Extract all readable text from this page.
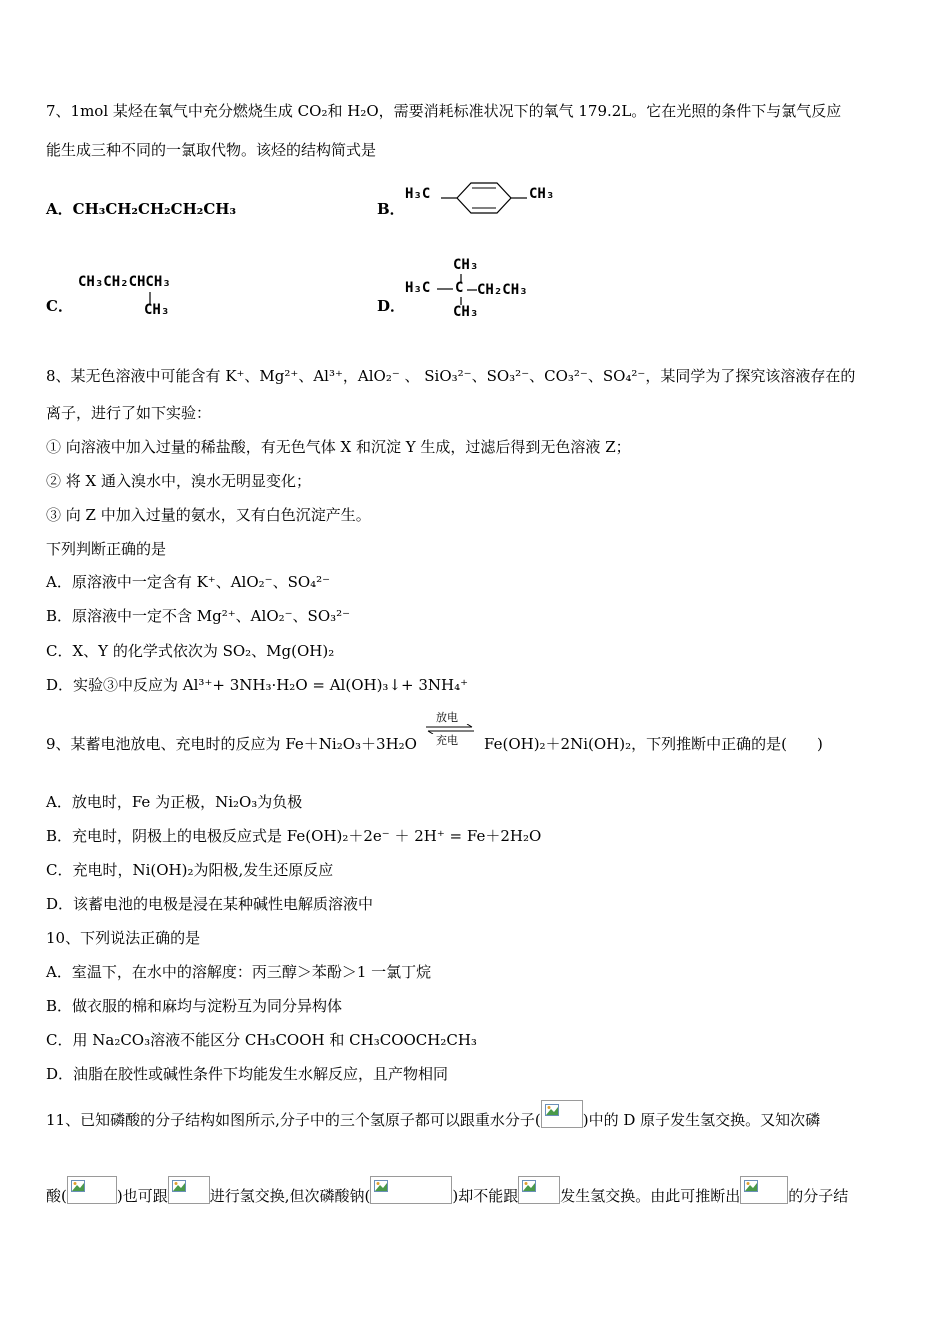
7、1mol 某烃在氧气中充分燃烧生成 CO₂和 H₂O，需要消耗标准状况下的氧气 179.2L。它在光照的条件下与氯气反应
能生成三种不同的一氯取代物。该烃的结构简式是
A．CH₃CH₂CH₂CH₂CH₃	B．
H₃C	CH₃
C．
CH₃CH₂CHCH₃
CH₃	D．
CH₃
H₃C C CH₂CH₃
CH₃
8、某无色溶液中可能含有 K⁺、Mg²⁺、Al³⁺，AlO₂⁻ 、 SiO₃²⁻、SO₃²⁻、CO₃²⁻、SO₄²⁻，某同学为了探究该溶液存在的
离子，进行了如下实验：
① 向溶液中加入过量的稀盐酸，有无色气体 X 和沉淀 Y 生成，过滤后得到无色溶液 Z；
② 将 X 通入溴水中，溴水无明显变化；
③ 向 Z 中加入过量的氨水，又有白色沉淀产生。
下列判断正确的是
A．原溶液中一定含有 K⁺、AlO₂⁻、SO₄²⁻
B．原溶液中一定不含 Mg²⁺、AlO₂⁻、SO₃²⁻
C．X、Y 的化学式依次为 SO₂、Mg(OH)₂
D．实验③中反应为 Al³⁺+ 3NH₃·H₂O = Al(OH)₃↓+ 3NH₄⁺
9、某蓄电池放电、充电时的反应为 Fe＋Ni₂O₃＋3H₂O
放电
充电 Fe(OH)₂＋2Ni(OH)₂，下列推断中正确的是(　　)
A．放电时，Fe 为正极，Ni₂O₃为负极
B．充电时，阴极上的电极反应式是 Fe(OH)₂＋2e⁻ ＋ 2H⁺ = Fe＋2H₂O
C．充电时，Ni(OH)₂为阳极,发生还原反应
D．该蓄电池的电极是浸在某种碱性电解质溶液中
10、下列说法正确的是
A．室温下，在水中的溶解度：丙三醇＞苯酚＞1 一氯丁烷
B．做衣服的棉和麻均与淀粉互为同分异构体
C．用 Na₂CO₃溶液不能区分 CH₃COOH 和 CH₃COOCH₂CH₃
D．油脂在胶性或碱性条件下均能发生水解反应，且产物相同
11、已知磷酸的分子结构如图所示,分子中的三个氢原子都可以跟重水分子(	)中的 D 原子发生氢交换。又知次磷
酸(	)也可跟	进行氢交换,但次磷酸钠(	)却不能跟	发生氢交换。由此可推断出	的分子结
